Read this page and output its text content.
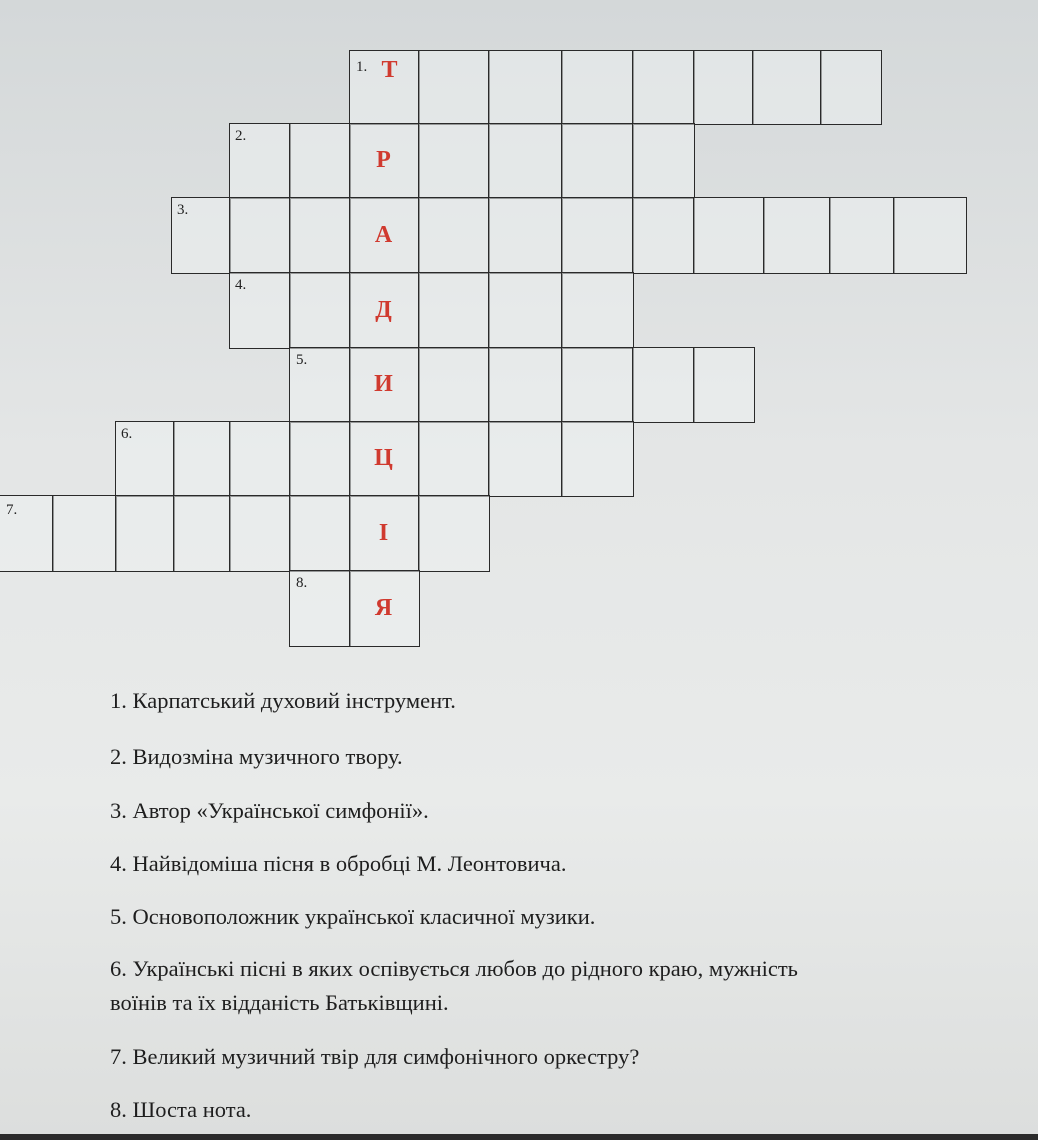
1. Т
2.
Р
3.
А
4.
Д
5.
И
6.
Ц
7.
І
8.
Я
1. Карпатський духовий інструмент.
2. Видозміна музичного твору.
3. Автор «Української симфонії».
4. Найвідоміша пісня в обробці М. Леонтовича.
5. Основоположник української класичної музики.
6. Українські пісні в яких оспівується любов до рідного краю, мужність
воїнів та їх відданість Батьківщині.
7. Великий музичний твір для симфонічного оркестру?
8. Шоста нота.
